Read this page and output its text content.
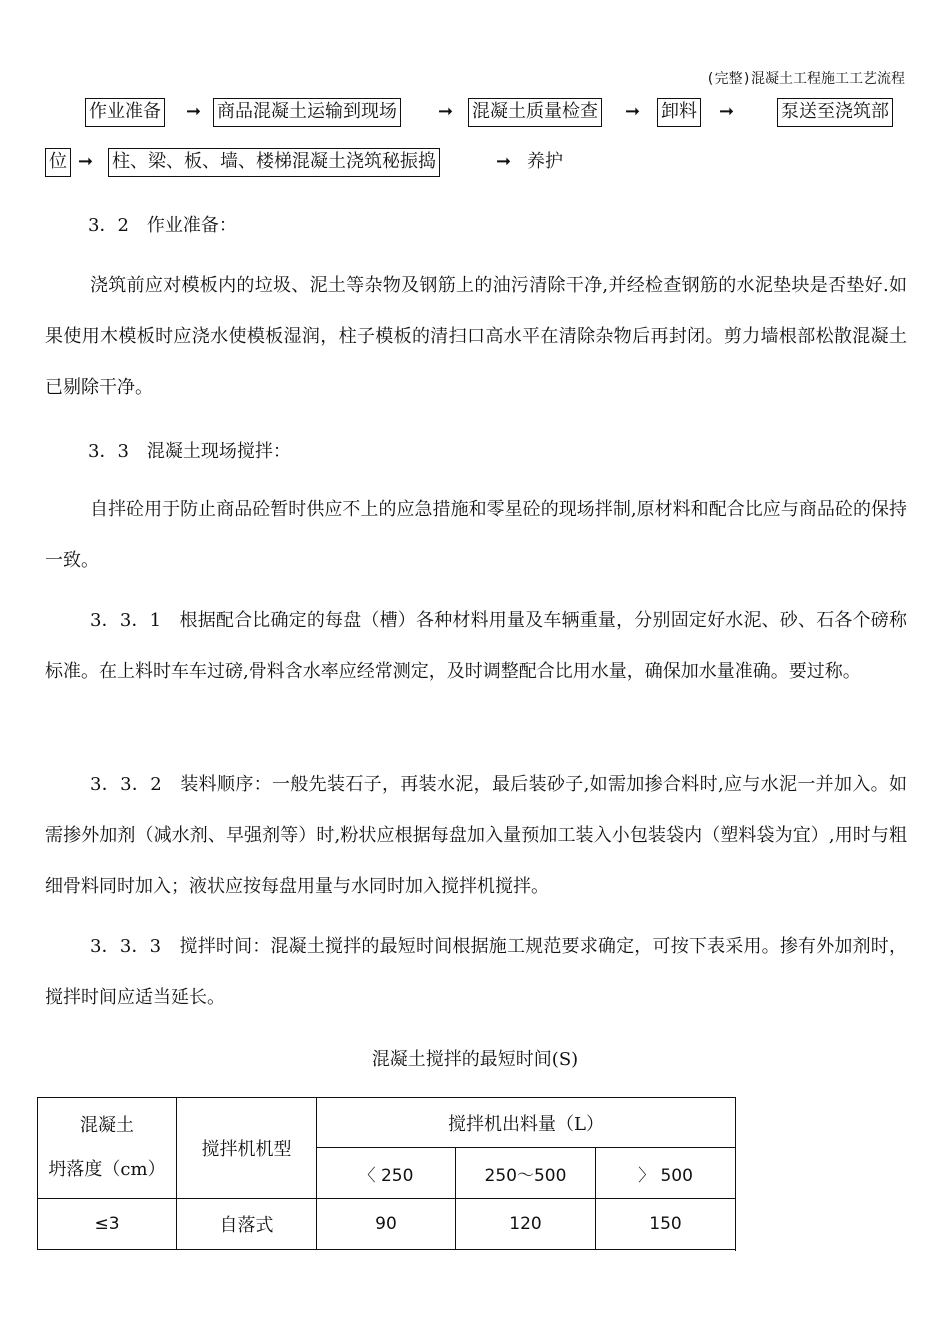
(完整)混凝土工程施工工艺流程
作业准备 ➞ 商品混凝土运输到现场 ➞ 混凝土质量检查 ➞ 卸料 ➞	泵送至浇筑部
位 ➞ 柱、梁、板、墙、楼梯混凝土浇筑秘振捣	➞ 养护
3．2　作业准备：

浇筑前应对模板内的垃圾、泥土等杂物及钢筋上的油污清除干净,并经检查钢筋的水泥垫块是否垫好.如果使用木模板时应浇水使模板湿润，柱子模板的清扫口高水平在清除杂物后再封闭。剪力墙根部松散混凝土已剔除干净。

3．3　混凝土现场搅拌：

自拌砼用于防止商品砼暂时供应不上的应急措施和零星砼的现场拌制,原材料和配合比应与商品砼的保持一致。

3．3．1　根据配合比确定的每盘（槽）各种材料用量及车辆重量，分别固定好水泥、砂、石各个磅称标准。在上料时车车过磅,骨料含水率应经常测定，及时调整配合比用水量，确保加水量准确。要过称。

3．3．2　装料顺序：一般先装石子，再装水泥，最后装砂子,如需加掺合料时,应与水泥一并加入。如需掺外加剂（减水剂、早强剂等）时,粉状应根据每盘加入量预加工装入小包装袋内（塑料袋为宜）,用时与粗细骨料同时加入；液状应按每盘用量与水同时加入搅拌机搅拌。

3．3．3　搅拌时间：混凝土搅拌的最短时间根据施工规范要求确定，可按下表采用。掺有外加剂时，搅拌时间应适当延长。

混凝土搅拌的最短时间(S)
混凝土
坍落度（cm）	搅拌机机型	搅拌机出料量（L）		
		〈 250	250～500	〉 500
≤3	自落式	90	120	150
